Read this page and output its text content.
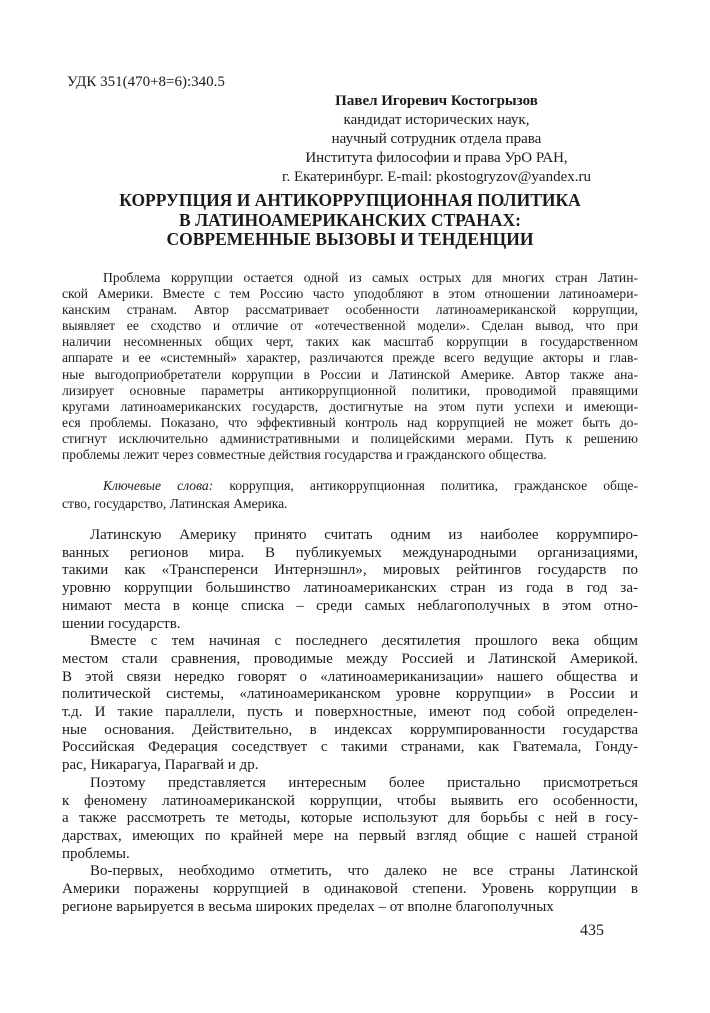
УДК 351(470+8=6):340.5
Павел Игоревич Костогрызов
кандидат исторических наук,
научный сотрудник отдела права
Института философии и права УрО РАН,
г. Екатеринбург. E-mail: pkostogryzov@yandex.ru
КОРРУПЦИЯ И АНТИКОРРУПЦИОННАЯ ПОЛИТИКА
В ЛАТИНОАМЕРИКАНСКИХ СТРАНАХ:
СОВРЕМЕННЫЕ ВЫЗОВЫ И ТЕНДЕНЦИИ
Проблема коррупции остается одной из самых острых для многих стран Латин-
ской Америки. Вместе с тем Россию часто уподобляют в этом отношении латиноамери-
канским странам. Автор рассматривает особенности латиноамериканской коррупции,
выявляет ее сходство и отличие от «отечественной модели». Сделан вывод, что при
наличии несомненных общих черт, таких как масштаб коррупции в государственном
аппарате и ее «системный» характер, различаются прежде всего ведущие акторы и глав-
ные выгодоприобретатели коррупции в России и Латинской Америке. Автор также ана-
лизирует основные параметры антикоррупционной политики, проводимой правящими
кругами латиноамериканских государств, достигнутые на этом пути успехи и имеющи-
еся проблемы. Показано, что эффективный контроль над коррупцией не может быть до-
стигнут исключительно административными и полицейскими мерами. Путь к решению
проблемы лежит через совместные действия государства и гражданского общества.
Ключевые слова: коррупция, антикоррупционная политика, гражданское обще-
ство, государство, Латинская Америка.
Латинскую Америку принято считать одним из наиболее коррумпиро-
ванных регионов мира. В публикуемых международными организациями,
такими как «Трансперенси Интернэшнл», мировых рейтингов государств по
уровню коррупции большинство латиноамериканских стран из года в год за-
нимают места в конце списка – среди самых неблагополучных в этом отно-
шении государств.
Вместе с тем начиная с последнего десятилетия прошлого века общим
местом стали сравнения, проводимые между Россией и Латинской Америкой.
В этой связи нередко говорят о «латиноамериканизации» нашего общества и
политической системы, «латиноамериканском уровне коррупции» в России и
т.д. И такие параллели, пусть и поверхностные, имеют под собой определен-
ные основания. Действительно, в индексах коррумпированности государства
Российская Федерация соседствует с такими странами, как Гватемала, Гонду-
рас, Никарагуа, Парагвай и др.
Поэтому представляется интересным более пристально присмотреться
к феномену латиноамериканской коррупции, чтобы выявить его особенности,
а также рассмотреть те методы, которые используют для борьбы с ней в госу-
дарствах, имеющих по крайней мере на первый взгляд общие с нашей страной
проблемы.
Во-первых, необходимо отметить, что далеко не все страны Латинской
Америки поражены коррупцией в одинаковой степени. Уровень коррупции в
регионе варьируется в весьма широких пределах – от вполне благополучных
435
